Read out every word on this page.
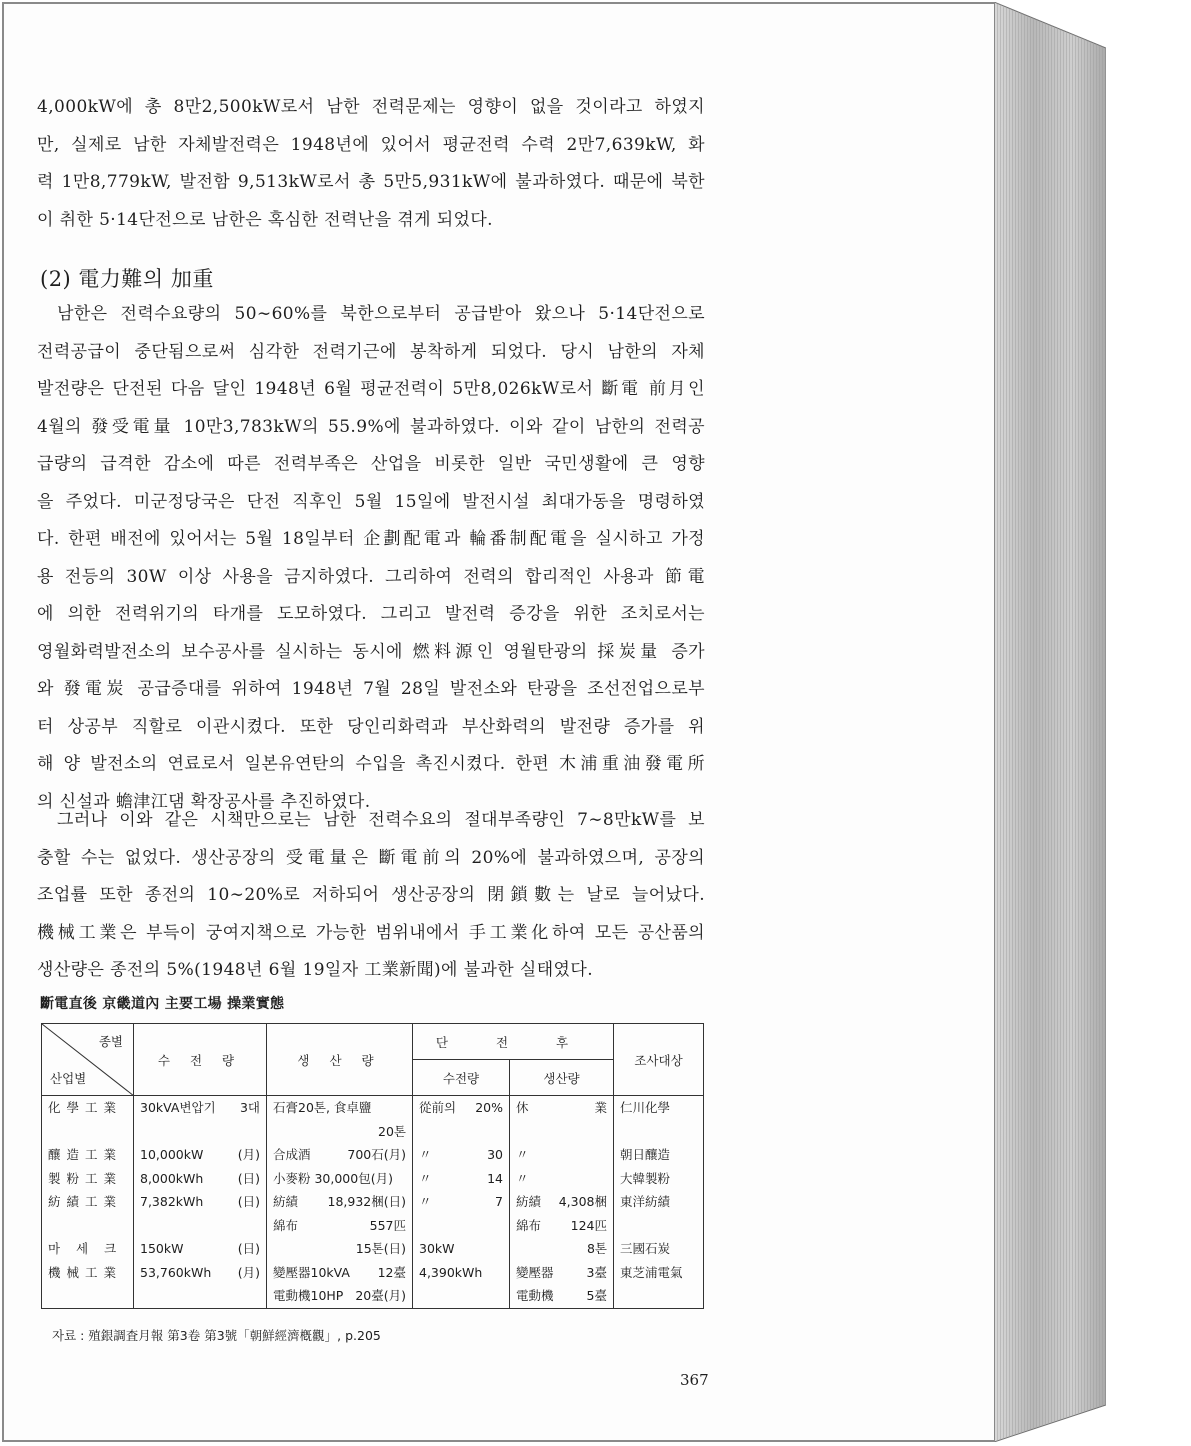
4,000kW에 총 8만2,500kW로서 남한 전력문제는 영향이 없을 것이라고 하였지
만, 실제로 남한 자체발전력은 1948년에 있어서 평균전력 수력 2만7,639kW, 화
력 1만8,779kW, 발전함 9,513kW로서 총 5만5,931kW에 불과하였다. 때문에 북한
이 취한 5·14단전으로 남한은 혹심한 전력난을 겪게 되었다.

(2) 電力難의 加重

남한은 전력수요량의 50∼60%를 북한으로부터 공급받아 왔으나 5·14단전으로
전력공급이 중단됨으로써 심각한 전력기근에 봉착하게 되었다. 당시 남한의 자체
발전량은 단전된 다음 달인 1948년 6월 평균전력이 5만8,026kW로서 斷電 前月인
4월의 發受電量 10만3,783kW의 55.9%에 불과하였다. 이와 같이 남한의 전력공
급량의 급격한 감소에 따른 전력부족은 산업을 비롯한 일반 국민생활에 큰 영향
을 주었다. 미군정당국은 단전 직후인 5월 15일에 발전시설 최대가동을 명령하였
다. 한편 배전에 있어서는 5월 18일부터 企劃配電과 輪番制配電을 실시하고 가정
용 전등의 30W 이상 사용을 금지하였다. 그리하여 전력의 합리적인 사용과 節電
에 의한 전력위기의 타개를 도모하였다. 그리고 발전력 증강을 위한 조치로서는
영월화력발전소의 보수공사를 실시하는 동시에 燃料源인 영월탄광의 採炭量 증가
와 發電炭 공급증대를 위하여 1948년 7월 28일 발전소와 탄광을 조선전업으로부
터 상공부 직할로 이관시켰다. 또한 당인리화력과 부산화력의 발전량 증가를 위
해 양 발전소의 연료로서 일본유연탄의 수입을 촉진시켰다. 한편 木浦重油發電所
의 신설과 蟾津江댐 확장공사를 추진하였다.

그러나 이와 같은 시책만으로는 남한 전력수요의 절대부족량인 7∼8만kW를 보
충할 수는 없었다. 생산공장의 受電量은 斷電前의 20%에 불과하였으며, 공장의
조업률 또한 종전의 10∼20%로 저하되어 생산공장의 閉鎖數는 날로 늘어났다.
機械工業은 부득이 궁여지책으로 가능한 범위내에서 手工業化하여 모든 공산품의
생산량은 종전의 5%(1948년 6월 19일자 工業新聞)에 불과한 실태였다.

斷電直後 京畿道內 主要工場 操業實態
종별
산업별	수 전 량	생 산 량	단 전 후		조사대상
			수전량	생산량	
化學工業	30kVA변압기 3대	石膏20톤, 食卓鹽	從前의 20%	休 業	仁川化學

		20톤			

釀造工業	10,000kW (月)	合成酒 700石(月)	〃 30	〃	朝日釀造
製粉工業	8,000kWh (日)	小麥粉 30,000包(月)	〃 14	〃	大韓製粉
紡績工業	7,382kWh (日)	紡績 18,932梱(日)	〃 7	紡績 4,308梱	東洋紡績

		綿布 557匹		綿布 124匹	

마 세 크	150kW (日)	15톤(日)	30kW	8톤	三國石炭
機械工業	53,760kWh (月)	變壓器10kVA 12臺	4,390kWh	變壓器 3臺	東芝浦電氣

		電動機10HP 20臺(月)		電動機 5臺	

자료 : 殖銀調査月報 第3卷 第3號「朝鮮經濟槪觀」, p.205
367
